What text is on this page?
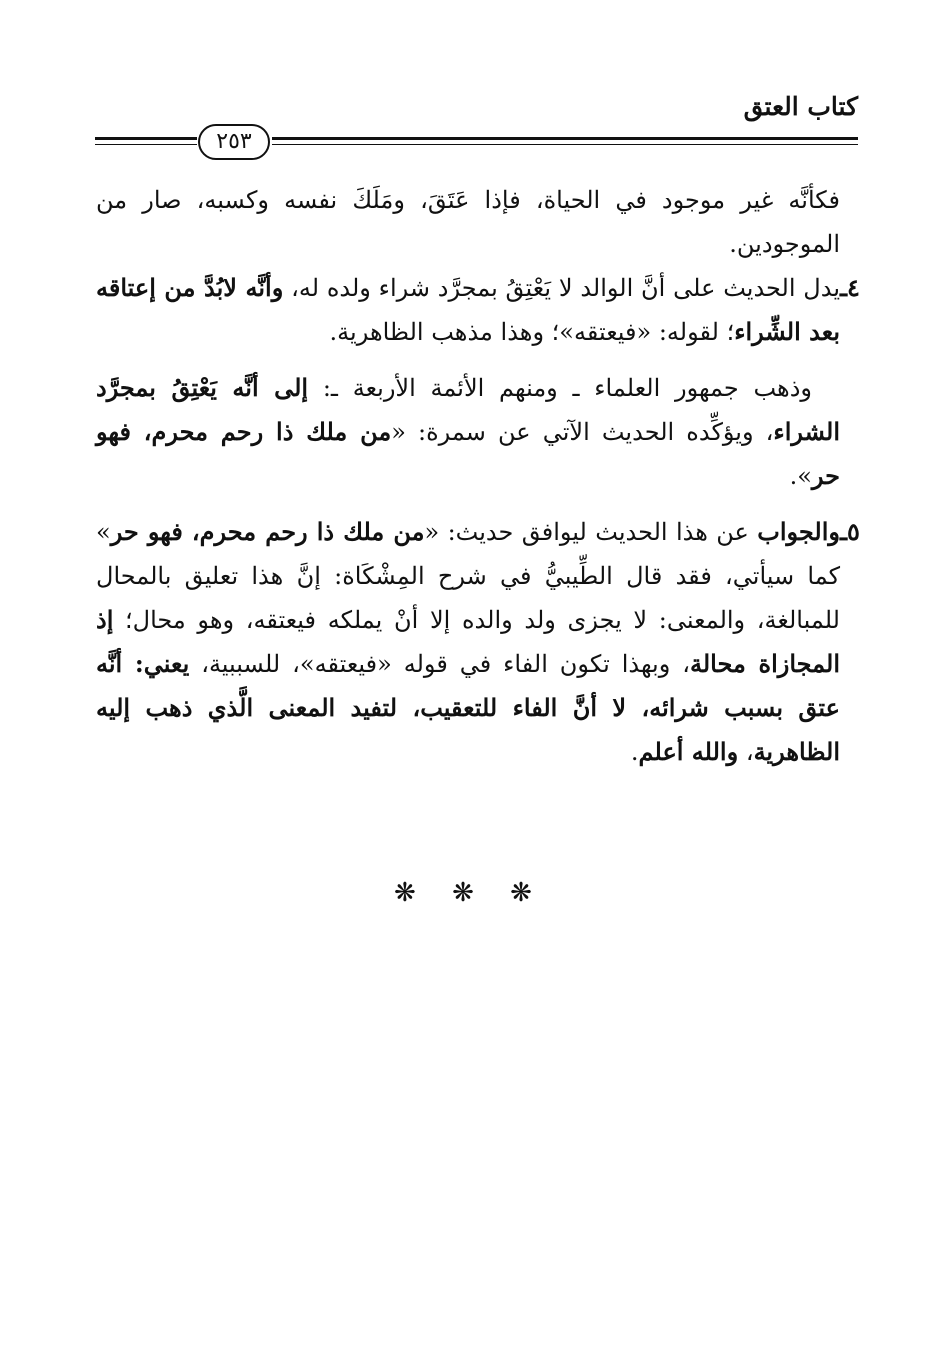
كتاب العتق
٢٥٣

فكأنَّه غير موجود في الحياة، فإذا عَتَقَ، ومَلَكَ نفسه وكسبه، صار من الموجودين.

٤ـ
يدل الحديث على أنَّ الوالد لا يَعْتِقُ بمجرَّد شراء ولده له، وأنَّه لابُدَّ من إعتاقه بعد الشِّراء؛ لقوله: «فيعتقه»؛ وهذا مذهب الظاهرية.

وذهب جمهور العلماء ـ ومنهم الأئمة الأربعة ـ: إلى أنَّه يَعْتِقُ بمجرَّد الشراء، ويؤكِّده الحديث الآتي عن سمرة: «من ملك ذا رحم محرم، فهو حر».

٥ـ
والجواب عن هذا الحديث ليوافق حديث: «من ملك ذا رحم محرم، فهو حر» كما سيأتي، فقد قال الطِّيبيُّ في شرح المِشْكَاة: إنَّ هذا تعليق بالمحال للمبالغة، والمعنى: لا يجزى ولد والده إلا أنْ يملكه فيعتقه، وهو محال؛ إذ المجازاة محالة، وبهذا تكون الفاء في قوله «فيعتقه»، للسببية، يعني: أنَّه عتق بسبب شرائه، لا أنَّ الفاء للتعقيب، لتفيد المعنى الَّذي ذهب إليه الظاهرية، والله أعلم.

❋ ❋ ❋
